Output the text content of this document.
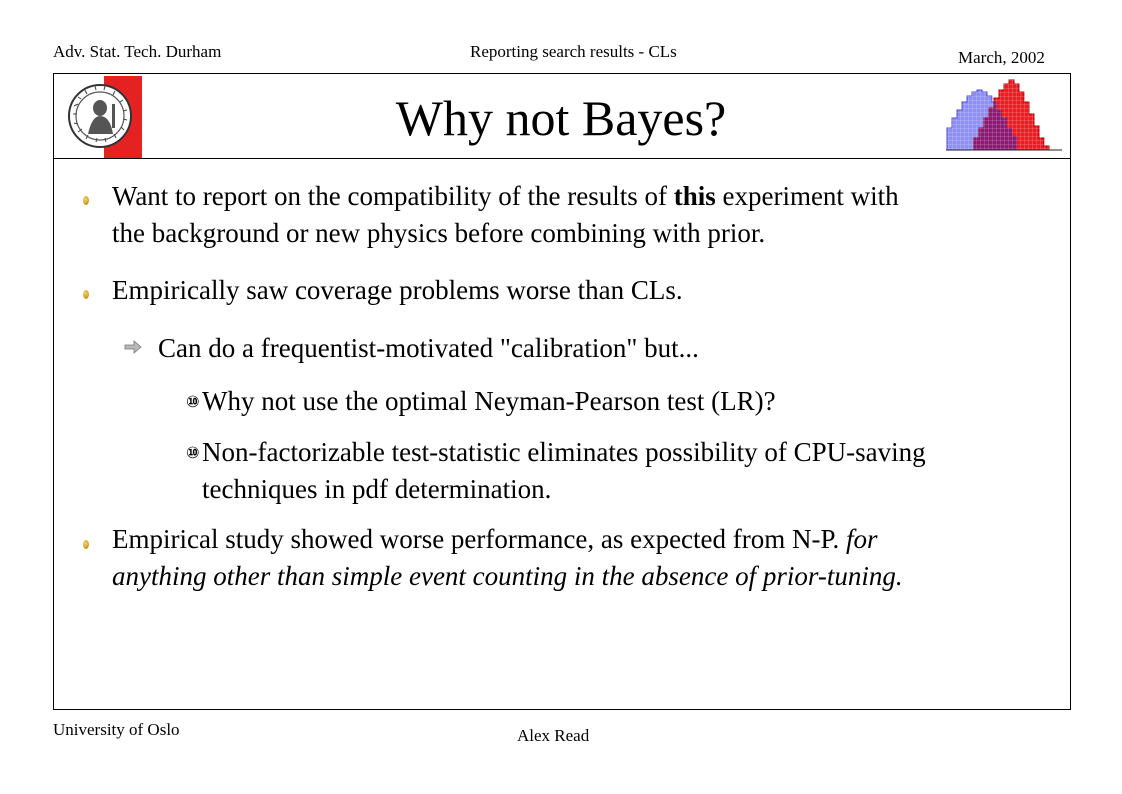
Adv. Stat. Tech. Durham	Reporting search results - CLs	March, 2002
Why not Bayes?
Want to report on the compatibility of the results of this experiment with
the background or new physics before combining with prior.
Empirically saw coverage problems worse than CLs.
Can do a frequentist-motivated "calibration" but...
⑩ Why not use the optimal Neyman-Pearson test (LR)?
⑩ Non-factorizable test-statistic eliminates possibility of CPU-saving
techniques in pdf determination.
Empirical study showed worse performance, as expected from N-P. for
anything other than simple event counting in the absence of prior-tuning.
University of Oslo	Alex Read
